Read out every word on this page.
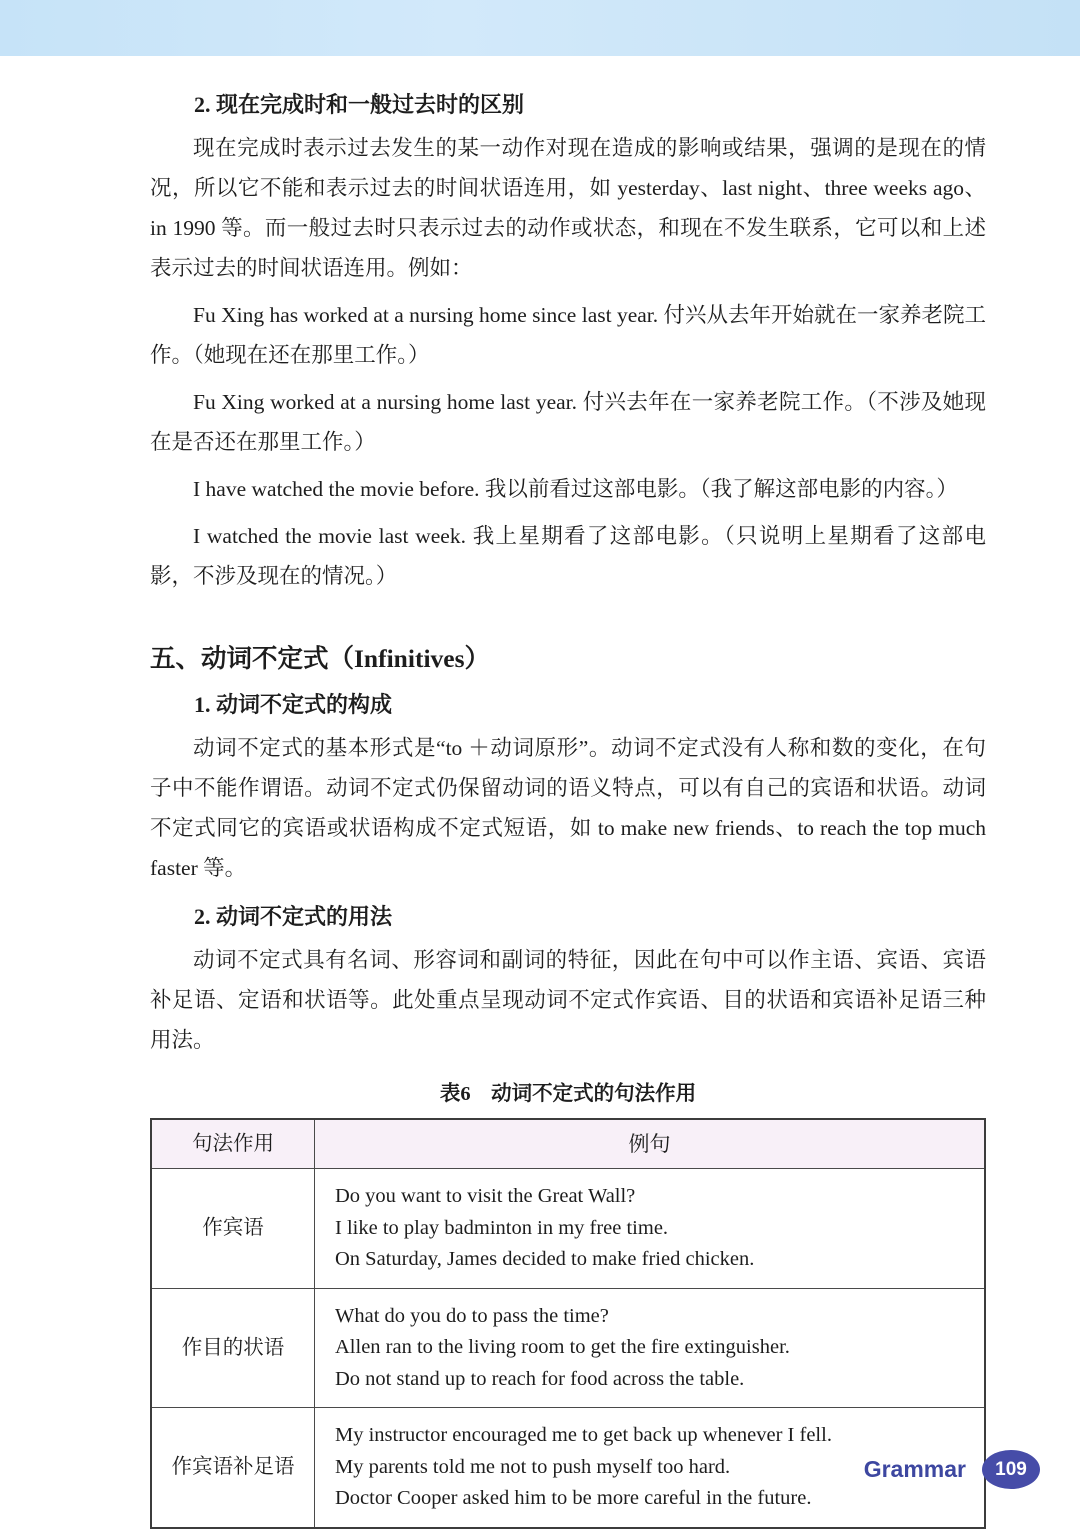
2. 现在完成时和一般过去时的区别

现在完成时表示过去发生的某一动作对现在造成的影响或结果，强调的是现在的情况，所以它不能和表示过去的时间状语连用，如 yesterday、last night、three weeks ago、in 1990 等。而一般过去时只表示过去的动作或状态，和现在不发生联系，它可以和上述表示过去的时间状语连用。例如：

Fu Xing has worked at a nursing home since last year. 付兴从去年开始就在一家养老院工作。（她现在还在那里工作。）

Fu Xing worked at a nursing home last year. 付兴去年在一家养老院工作。（不涉及她现在是否还在那里工作。）

I have watched the movie before. 我以前看过这部电影。（我了解这部电影的内容。）

I watched the movie last week. 我上星期看了这部电影。（只说明上星期看了这部电影，不涉及现在的情况。）

五、动词不定式（Infinitives）

1. 动词不定式的构成

动词不定式的基本形式是“to ＋动词原形”。动词不定式没有人称和数的变化，在句子中不能作谓语。动词不定式仍保留动词的语义特点，可以有自己的宾语和状语。动词不定式同它的宾语或状语构成不定式短语，如 to make new friends、to reach the top much faster 等。

2. 动词不定式的用法

动词不定式具有名词、形容词和副词的特征，因此在句中可以作主语、宾语、宾语补足语、定语和状语等。此处重点呈现动词不定式作宾语、目的状语和宾语补足语三种用法。

表6　动词不定式的句法作用

句法作用	例句
作宾语	Do you want to visit the Great Wall?
I like to play badminton in my free time.
On Saturday, James decided to make fried chicken.

作目的状语	What do you do to pass the time?
Allen ran to the living room to get the fire extinguisher.
Do not stand up to reach for food across the table.

作宾语补足语	My instructor encouraged me to get back up whenever I fell.
My parents told me not to push myself too hard.
Doctor Cooper asked him to be more careful in the future.
Grammar	109
